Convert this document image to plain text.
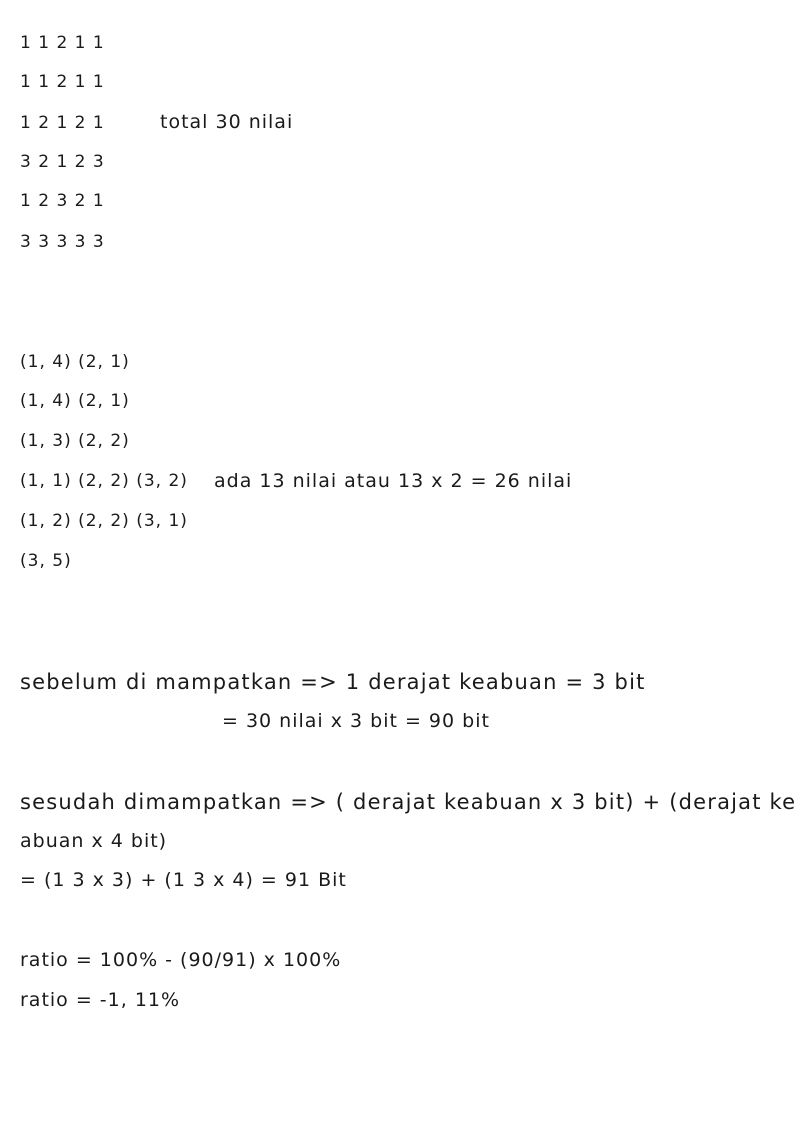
1 1 2 1 1
1 1 2 1 1
1 2 1 2 1	total 30 nilai
3 2 1 2 3
1 2 3 2 1
3 3 3 3 3
(1, 4) (2, 1)
(1, 4) (2, 1)
(1, 3) (2, 2)
(1, 1) (2, 2) (3, 2) ada 13 nilai atau 13 x 2 = 26 nilai
(1, 2) (2, 2) (3, 1)
(3, 5)
sebelum di mampatkan => 1 derajat keabuan = 3 bit
= 30 nilai x 3 bit = 90 bit
sesudah dimampatkan => ( derajat keabuan x 3 bit) + (derajat ke
abuan x 4 bit)
= (1 3 x 3) + (1 3 x 4) = 91 Bit
ratio = 100% - (90/91) x 100%
ratio = -1, 11%
